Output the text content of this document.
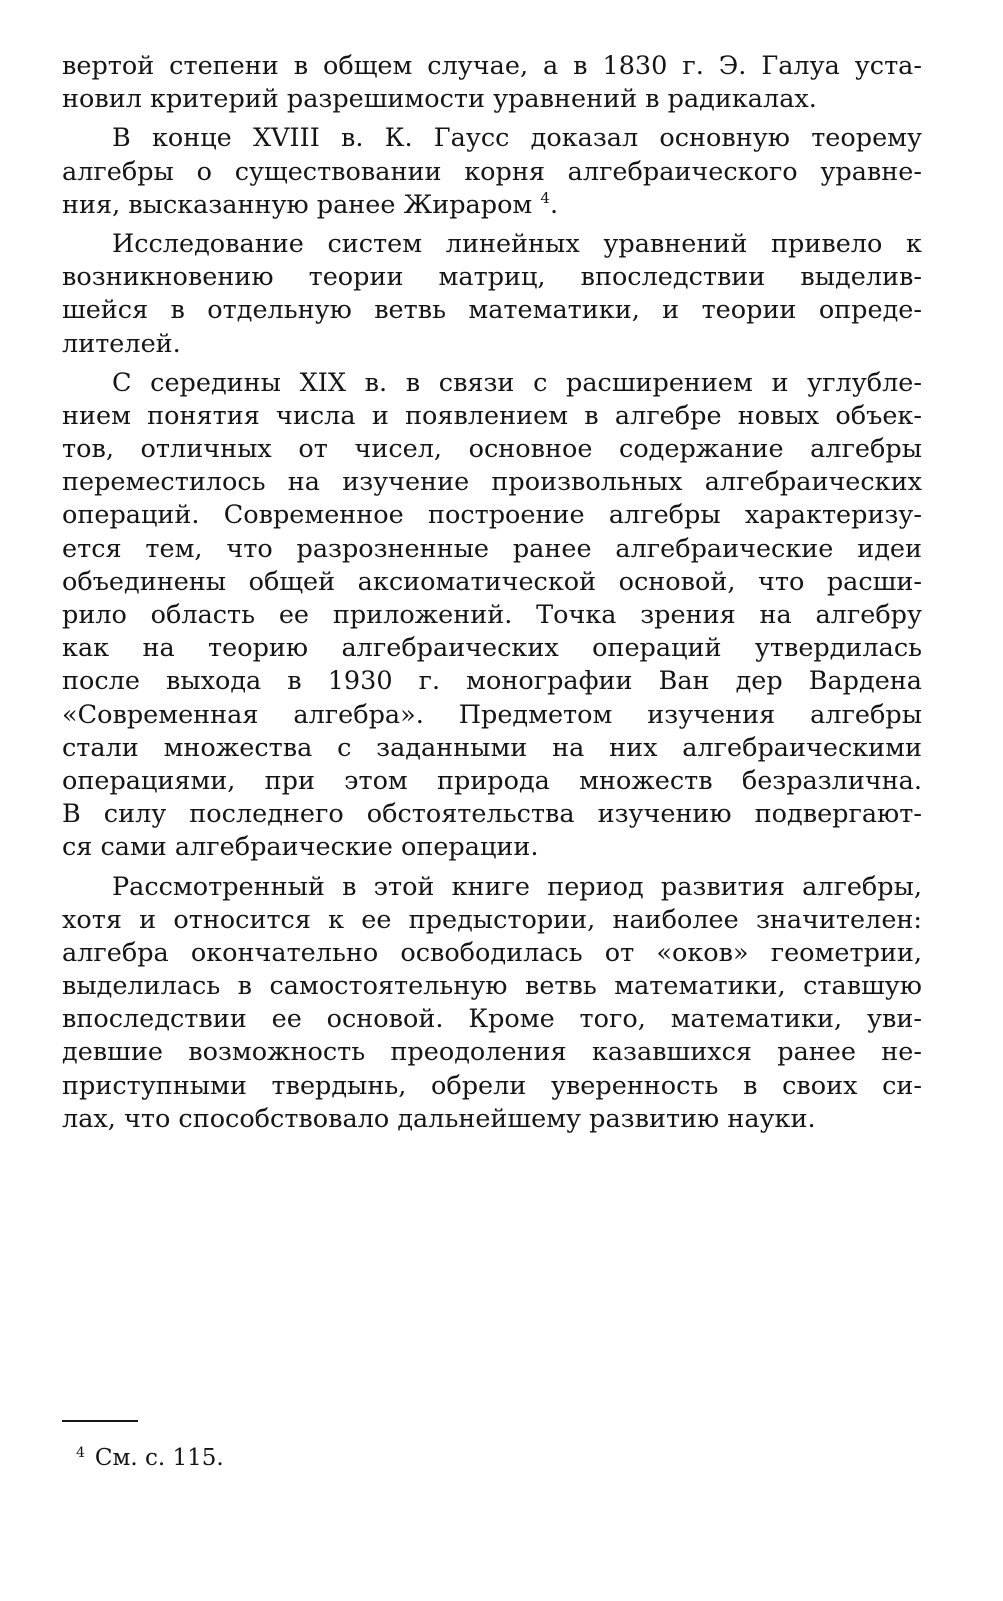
вертой степени в общем случае, а в 1830 г. Э. Галуа уста-
новил критерий разрешимости уравнений в радикалах.
В конце XVIII в. К. Гаусс доказал основную теорему
алгебры о существовании корня алгебраического уравне-
ния, высказанную ранее Жираром $^4$.
Исследование систем линейных уравнений привело к
возникновению теории матриц, впоследствии выделив-
шейся в отдельную ветвь математики, и теории опреде-
лителей.
С середины XIX в. в связи с расширением и углубле-
нием понятия числа и появлением в алгебре новых объек-
тов, отличных от чисел, основное содержание алгебры
переместилось на изучение произвольных алгебраических
операций. Современное построение алгебры характеризу-
ется тем, что разрозненные ранее алгебраические идеи
объединены общей аксиоматической основой, что расши-
рило область ее приложений. Точка зрения на алгебру
как на теорию алгебраических операций утвердилась
после выхода в 1930 г. монографии Ван дер Вардена
«Современная алгебра». Предметом изучения алгебры
стали множества с заданными на них алгебраическими
операциями, при этом природа множеств безразлична.
В силу последнего обстоятельства изучению подвергают-
ся сами алгебраические операции.
Рассмотренный в этой книге период развития алгебры,
хотя и относится к ее предыстории, наиболее значителен:
алгебра окончательно освободилась от «оков» геометрии,
выделилась в самостоятельную ветвь математики, ставшую
впоследствии ее основой. Кроме того, математики, уви-
девшие возможность преодоления казавшихся ранее не-
приступными твердынь, обрели уверенность в своих си-
лах, что способствовало дальнейшему развитию науки.
$^4$ См. с. 115.
